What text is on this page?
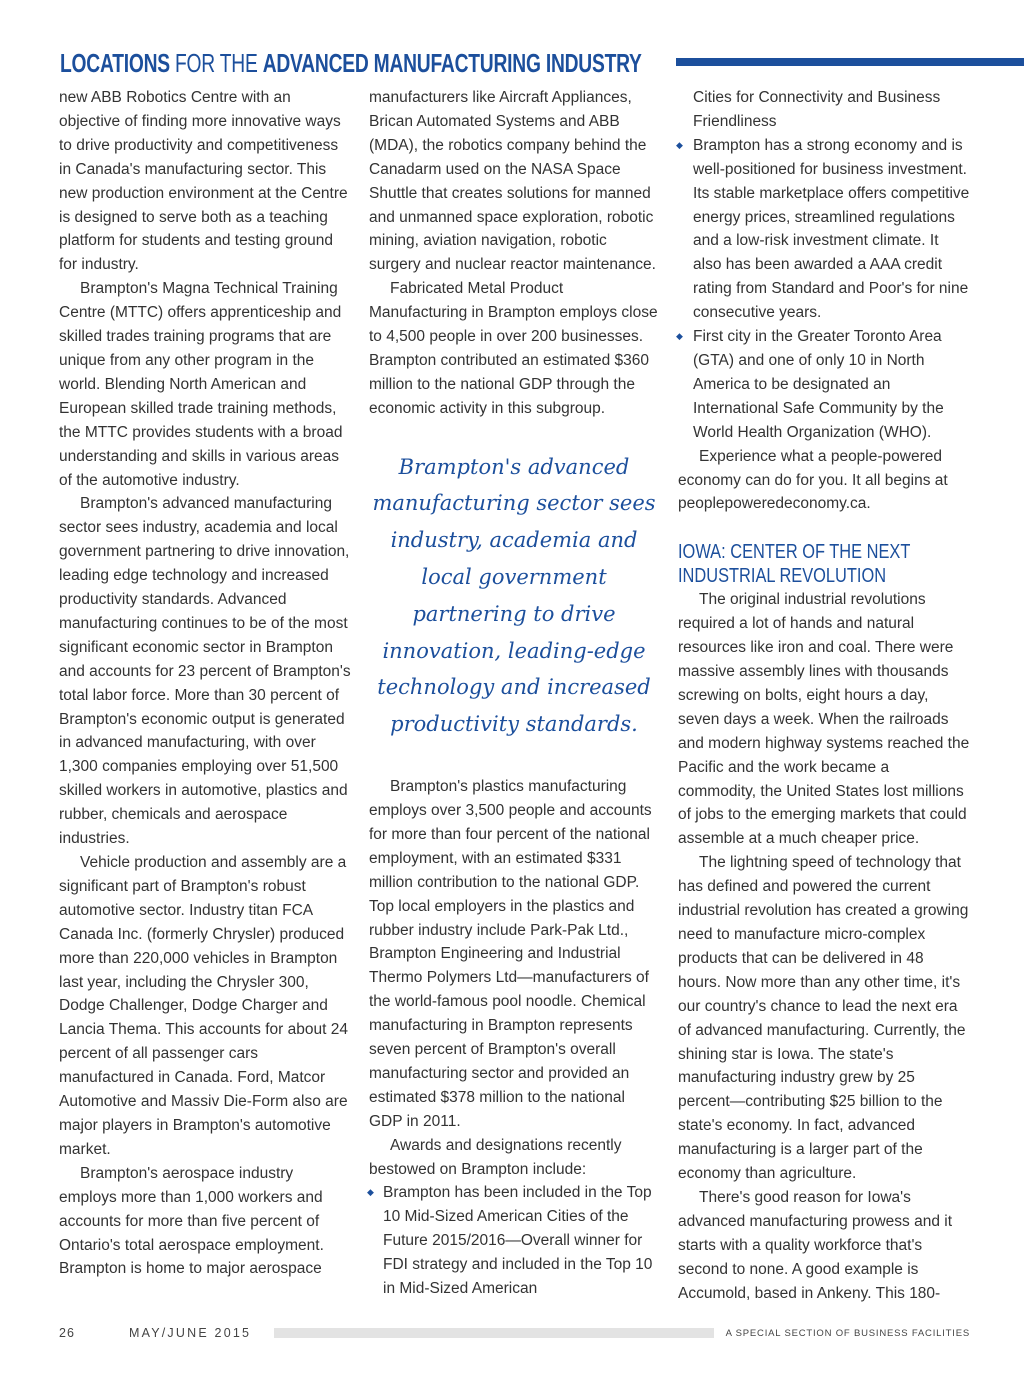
LOCATIONS FOR THE ADVANCED MANUFACTURING INDUSTRY

new ABB Robotics Centre with an objective of finding more innovative ways to drive productivity and competitiveness in Canada's manufacturing sector. This new production environment at the Centre is designed to serve both as a teaching platform for students and testing ground for industry.

Brampton's Magna Technical Training Centre (MTTC) offers apprenticeship and skilled trades training programs that are unique from any other program in the world. Blending North American and European skilled trade training methods, the MTTC provides students with a broad understanding and skills in various areas of the automotive industry.

Brampton's advanced manufacturing sector sees industry, academia and local government partnering to drive innovation, leading edge technology and increased productivity standards. Advanced manufacturing continues to be of the most significant economic sector in Brampton and accounts for 23 percent of Brampton's total labor force. More than 30 percent of Brampton's economic output is generated in advanced manufacturing, with over 1,300 companies employing over 51,500 skilled workers in automotive, plastics and rubber, chemicals and aerospace industries.

Vehicle production and assembly are a significant part of Brampton's robust automotive sector. Industry titan FCA Canada Inc. (formerly Chrysler) produced more than 220,000 vehicles in Brampton last year, including the Chrysler 300, Dodge Challenger, Dodge Charger and Lancia Thema. This accounts for about 24 percent of all passenger cars manufactured in Canada. Ford, Matcor Automotive and Massiv Die-Form also are major players in Brampton's automotive market.

Brampton's aerospace industry employs more than 1,000 workers and accounts for more than five percent of Ontario's total aerospace employment. Brampton is home to major aerospace

manufacturers like Aircraft Appliances, Brican Automated Systems and ABB (MDA), the robotics company behind the Canadarm used on the NASA Space Shuttle that creates solutions for manned and unmanned space exploration, robotic mining, aviation navigation, robotic surgery and nuclear reactor maintenance.

Fabricated Metal Product Manufacturing in Brampton employs close to 4,500 people in over 200 businesses. Brampton contributed an estimated $360 million to the national GDP through the economic activity in this subgroup.

Brampton's advanced manufacturing sector sees industry, academia and local government partnering to drive innovation, leading-edge technology and increased productivity standards.

Brampton's plastics manufacturing employs over 3,500 people and accounts for more than four percent of the national employment, with an estimated $331 million contribution to the national GDP. Top local employers in the plastics and rubber industry include Park-Pak Ltd., Brampton Engineering and Industrial Thermo Polymers Ltd—manufacturers of the world-famous pool noodle. Chemical manufacturing in Brampton represents seven percent of Brampton's overall manufacturing sector and provided an estimated $378 million to the national GDP in 2011.

Awards and designations recently bestowed on Brampton include:

◆ Brampton has been included in the Top 10 Mid-Sized American Cities of the Future 2015/2016—Overall winner for FDI strategy and included in the Top 10 in Mid-Sized American

Cities for Connectivity and Business Friendliness

◆ Brampton has a strong economy and is well-positioned for business investment. Its stable marketplace offers competitive energy prices, streamlined regulations and a low-risk investment climate. It also has been awarded a AAA credit rating from Standard and Poor's for nine consecutive years.
◆ First city in the Greater Toronto Area (GTA) and one of only 10 in North America to be designated an International Safe Community by the World Health Organization (WHO).

Experience what a people-powered economy can do for you. It all begins at peoplepoweredeconomy.ca.

IOWA: CENTER OF THE NEXT INDUSTRIAL REVOLUTION

The original industrial revolutions required a lot of hands and natural resources like iron and coal. There were massive assembly lines with thousands screwing on bolts, eight hours a day, seven days a week. When the railroads and modern highway systems reached the Pacific and the work became a commodity, the United States lost millions of jobs to the emerging markets that could assemble at a much cheaper price.

The lightning speed of technology that has defined and powered the current industrial revolution has created a growing need to manufacture micro-complex products that can be delivered in 48 hours. Now more than any other time, it's our country's chance to lead the next era of advanced manufacturing. Currently, the shining star is Iowa. The state's manufacturing industry grew by 25 percent—contributing $25 billion to the state's economy. In fact, advanced manufacturing is a larger part of the economy than agriculture.

There's good reason for Iowa's advanced manufacturing prowess and it starts with a quality workforce that's second to none. A good example is Accumold, based in Ankeny. This 180-

26	MAY/JUNE 2015	A SPECIAL SECTION OF BUSINESS FACILITIES
